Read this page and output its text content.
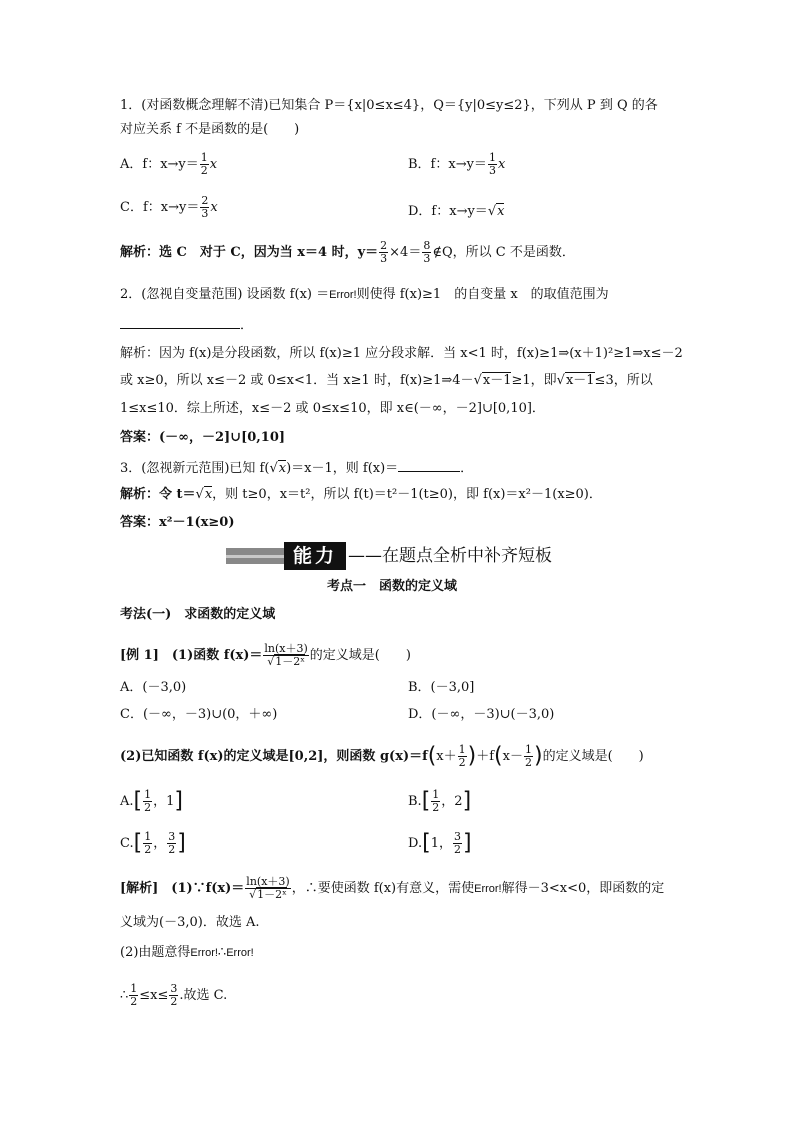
1．(对函数概念理解不清)已知集合 P＝{x|0≤x≤4}，Q＝{y|0≤y≤2}，下列从 P 到 Q 的各
对应关系 f 不是函数的是(　　)
A．f：$x\to y= \frac{1}{2}$ x	B．f：$x\to y= \frac{1}{3}$ x
C．f：$x\to y= \frac{2}{3}$ x	D．f：x→y＝√x
解析：选 C　对于 C，因为当 x＝4 时，$y= \frac{2}{3} \times 4= \frac{8}{3}$ ∉Q，所以 C 不是函数．
2．(忽视自变量范围) 设函数 f(x) ＝Error!则使得 f(x)≥1　的自变量 x　的取值范围为
．
解析：因为 f(x)是分段函数，所以 f(x)≥1 应分段求解．当 x<1 时，f(x)≥1⇒(x＋1)²≥1⇒x≤－2
或 x≥0，所以 x≤－2 或 0≤x<1．当 x≥1 时，f(x)≥1⇒4－√x－1≥1，即√x－1≤3，所以
1≤x≤10．综上所述，x≤－2 或 0≤x≤10，即 x∈(－∞，－2]∪[0,10]．
答案：(－∞，－2]∪[0,10]
3．(忽视新元范围)已知 f(√x)＝x－1，则 f(x)＝	．
解析：令 t＝√x，则 t≥0，x＝t²，所以 f(t)＝t²－1(t≥0)，即 f(x)＝x²－1(x≥0)．
答案：x²－1(x≥0)
能力 ——在题点全析中补齐短板
考点一　函数的定义域
考法(一)　求函数的定义域
[例 1]　(1)函数 $f(x)= \frac{\ln(x+3)}{\text{√1－2ˣ}}$ 的定义域是(　　)
A．(－3,0)	B．(－3,0]
C．(－∞，－3)∪(0，＋∞)	D．(－∞，－3)∪(－3,0)
(2)已知函数 f(x)的定义域是[0,2]，则函数 $g(x)=f(x+ \frac{1}{2} )+f(x- \frac{1}{2}$ )的定义域是(　　)
$A.[ \frac{1}{2}$ ，1]	$B.[ \frac{1}{2}$ ，2]
$C.[ \frac{1}{2}$ ， $\frac{3}{2}$ ]	D.[1， $\frac{3}{2}$ ]
[解析]　(1)∵f(x)＝ $\frac{\ln(x+3)}{\text{√1－2ˣ}}$ ，∴要使函数 f(x)有意义，需使Error!解得－3<x<0，即函数的定
义域为(－3,0)．故选 A.
(2)由题意得Error!∴Error!
∴ $\frac{1}{2} \le x\le \frac{3}{2}$ .故选 C.
